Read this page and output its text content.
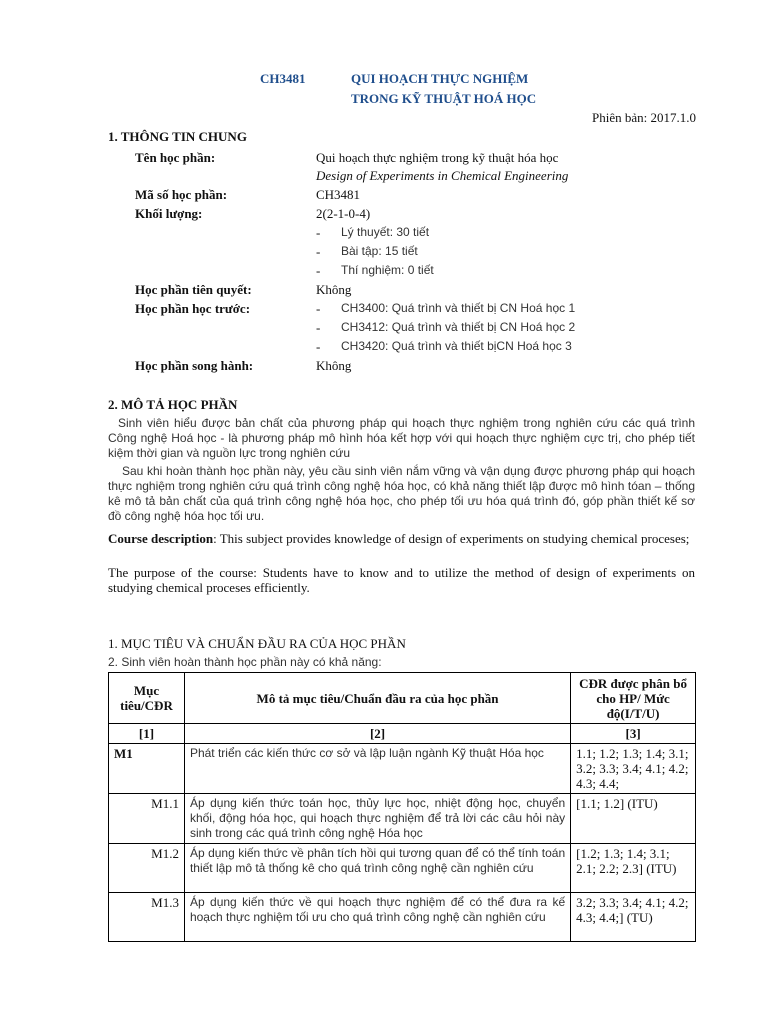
CH3481	QUI HOẠCH THỰC NGHIỆM
TRONG KỸ THUẬT HOÁ HỌC
Phiên bản: 2017.1.0
1. THÔNG TIN CHUNG
Tên học phần:	Qui hoạch thực nghiệm trong kỹ thuật hóa học
Design of Experiments in Chemical Engineering
Mã số học phần:	CH3481
Khối lượng:	2(2-1-0-4)
- Lý thuyết: 30 tiết
- Bài tập: 15 tiết
- Thí nghiệm: 0 tiết
Học phần tiên quyết:	Không
Học phần học trước:	- CH3400: Quá trình và thiết bị CN Hoá học 1
- CH3412: Quá trình và thiết bị CN Hoá học 2
- CH3420: Quá trình và thiết bịCN Hoá học 3
Học phần song hành:	Không
2. MÔ TẢ HỌC PHẦN
Sinh viên hiểu được bản chất của phương pháp qui hoạch thực nghiệm trong nghiên cứu các quá trình Công nghệ Hoá học - là phương pháp mô hình hóa kết hợp với qui hoạch thực nghiệm cực trị, cho phép tiết kiệm thời gian và nguồn lực trong nghiên cứu
Sau khi hoàn thành học phần này, yêu cầu sinh viên nắm vững và vận dụng được phương pháp qui hoạch thực nghiệm trong nghiên cứu quá trình công nghệ hóa học, có khả năng thiết lập được mô hình tóan – thống kê mô tả bản chất của quá trình công nghệ hóa học, cho phép tối ưu hóa quá trình đó, góp phần thiết kế sơ đồ công nghệ hóa học tối ưu.
Course description: This subject provides knowledge of design of experiments on studying chemical proceses;
The purpose of the course: Students have to know and to utilize the method of design of experiments on studying chemical proceses efficiently.
1. MỤC TIÊU VÀ CHUẨN ĐẦU RA CỦA HỌC PHẦN
2. Sinh viên hoàn thành học phần này có khả năng:
Mục tiêu/CĐR	Mô tả mục tiêu/Chuẩn đầu ra của học phần	CĐR được phân bổ cho HP/ Mức độ(I/T/U)
[1]	[2]	[3]
M1	Phát triển các kiến thức cơ sở và lập luận ngành Kỹ thuật Hóa học	1.1; 1.2; 1.3; 1.4; 3.1; 3.2; 3.3; 3.4; 4.1; 4.2; 4.3; 4.4;
M1.1	Áp dụng kiến thức toán học, thủy lực học, nhiệt động học, chuyển khối, động hóa học, qui hoạch thực nghiệm để trả lời các câu hỏi này sinh trong các quá trình công nghệ Hóa học	[1.1; 1.2] (ITU)
M1.2	Áp dụng kiến thức về phân tích hồi qui tương quan để có thể tính toán thiết lập mô tả thống kê cho quá trình công nghệ cần nghiên cứu	[1.2; 1.3; 1.4; 3.1; 2.1; 2.2; 2.3] (ITU)
M1.3	Áp dụng kiến thức về qui hoạch thực nghiệm để có thể đưa ra kế hoạch thực nghiệm tối ưu cho quá trình công nghệ cần nghiên cứu	3.2; 3.3; 3.4; 4.1; 4.2; 4.3; 4.4;] (TU)
